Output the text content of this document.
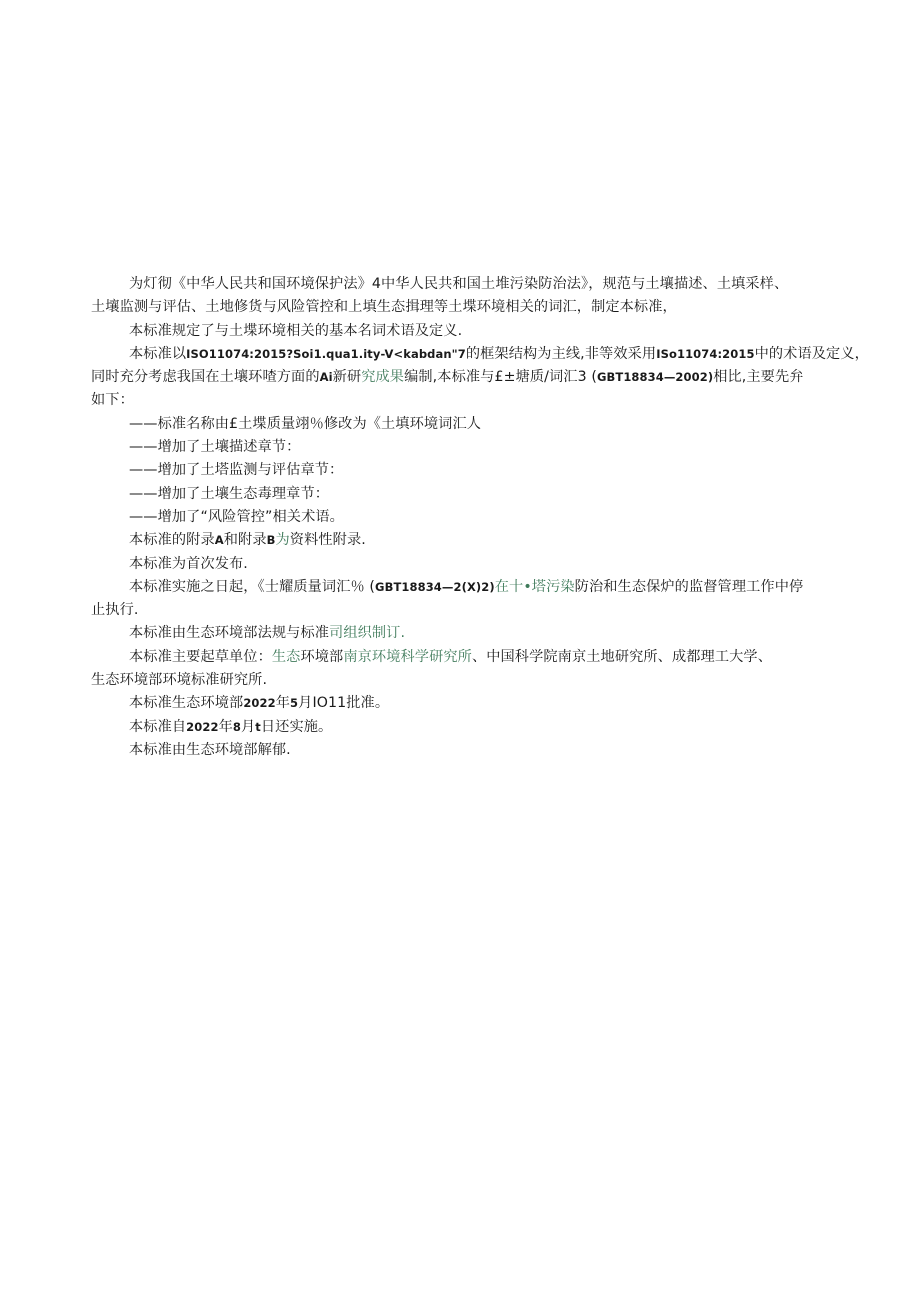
为灯彻《中华人民共和国环境保护法》4中华人民共和国土堆污染防治法》，规范与土壤描述、土填采样、
土壤监测与评估、土地修货与风险管控和上填生态揖理等土堞环境相关的词汇，制定本标准，

本标准规定了与土堞环境相关的基本名词术语及定义.

本标准以ISO11074:2015?Soi1.qua1.ity-V<kabdan"7的框架结构为主线,非等效采用ISo11074:2015中的术语及定义，
同时充分考虑我国在土壤环喳方面的Ai新研究成果编制,本标准与£±塘质/词汇3 (GBT18834—2002)相比,主要先弁
如下：

——标准名称由£土堞质量翊％修改为《土填环境词汇人

——增加了土壤描述章节：

——增加了土塔监测与评估章节：

——增加了土壤生态毒理章节：

——增加了“风险管控”相关术语。

本标准的附录A和附录B为资料性附录.

本标准为首次发布.

本标准实施之日起，《士耀质量词汇％ (GBT18834—2(X)2)在十•塔污染防治和生态保炉的监督管理工作中停
止执行.

本标准由生态环境部法规与标准司组织制订.

本标准主要起草单位：生态环境部南京环境科学研究所、中国科学院南京土地研究所、成都理工大学、
生态环境部环境标准研究所.

本标准生态环境部2022年5月IO11批准。

本标准自2022年8月t日还实施。

本标准由生态环境部解郁.
